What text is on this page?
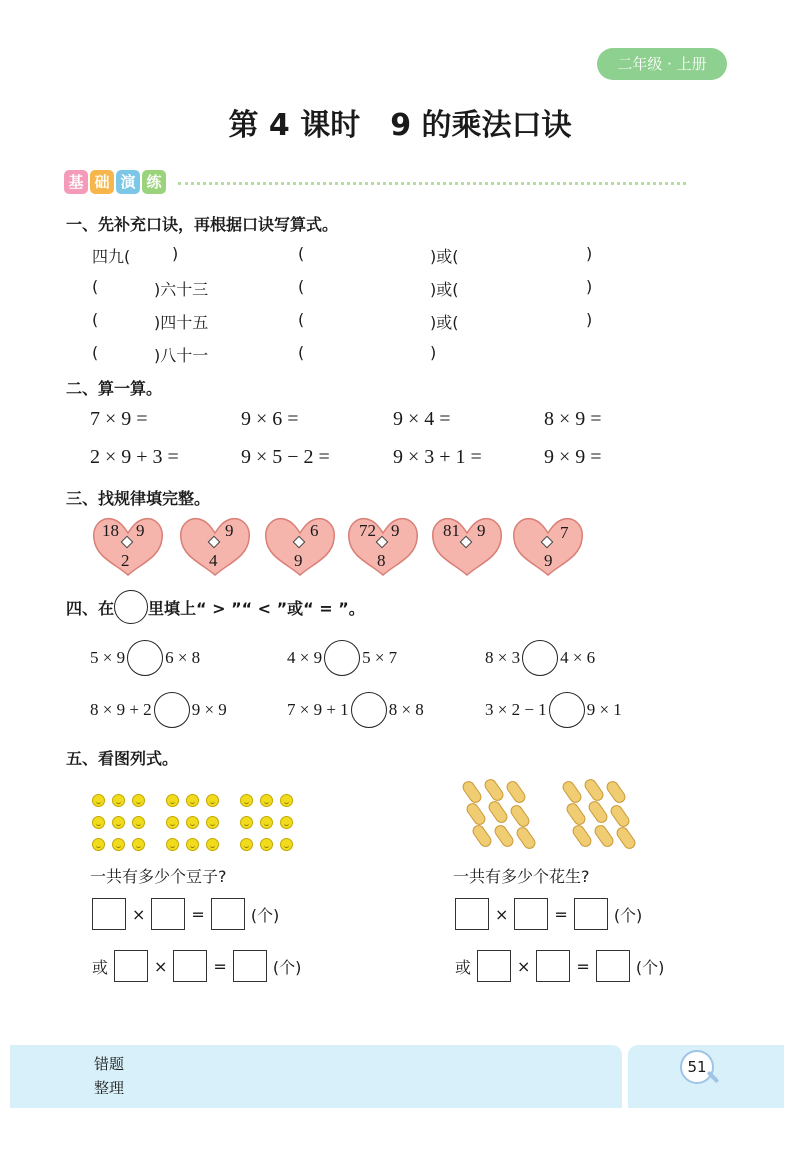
二年级 · 上册
第 4 课时　9 的乘法口诀
基 础 演 练
一、先补充口诀，再根据口诀写算式。
四九(	)	(	)或(	)
(	)六十三	(	)或(	)
(	)四十五	(	)或(	)
(	)八十一	(	)
二、算一算。
7 × 9 =	9 × 6 =	9 × 4 =	8 × 9 =
2 × 9 + 3 =	9 × 5 − 2 =	9 × 3 + 1 =	9 × 9 =
三、找规律填完整。
18 9
2
9
4
6
9
72 9
8
81 9	7
9
四、在 里填上“ > ”“ < ”或“ = ”。
5 × 9 6 × 8	4 × 9 5 × 7	8 × 3 4 × 6
8 × 9 + 2 9 × 9	7 × 9 + 1 8 × 8	3 × 2 − 1 9 × 1
五、看图列式。
一共有多少个豆子?	一共有多少个花生?
×	=	(个)
或	×	=	(个)
×	=	(个)
或	×	=	(个)
错题
整理
51
